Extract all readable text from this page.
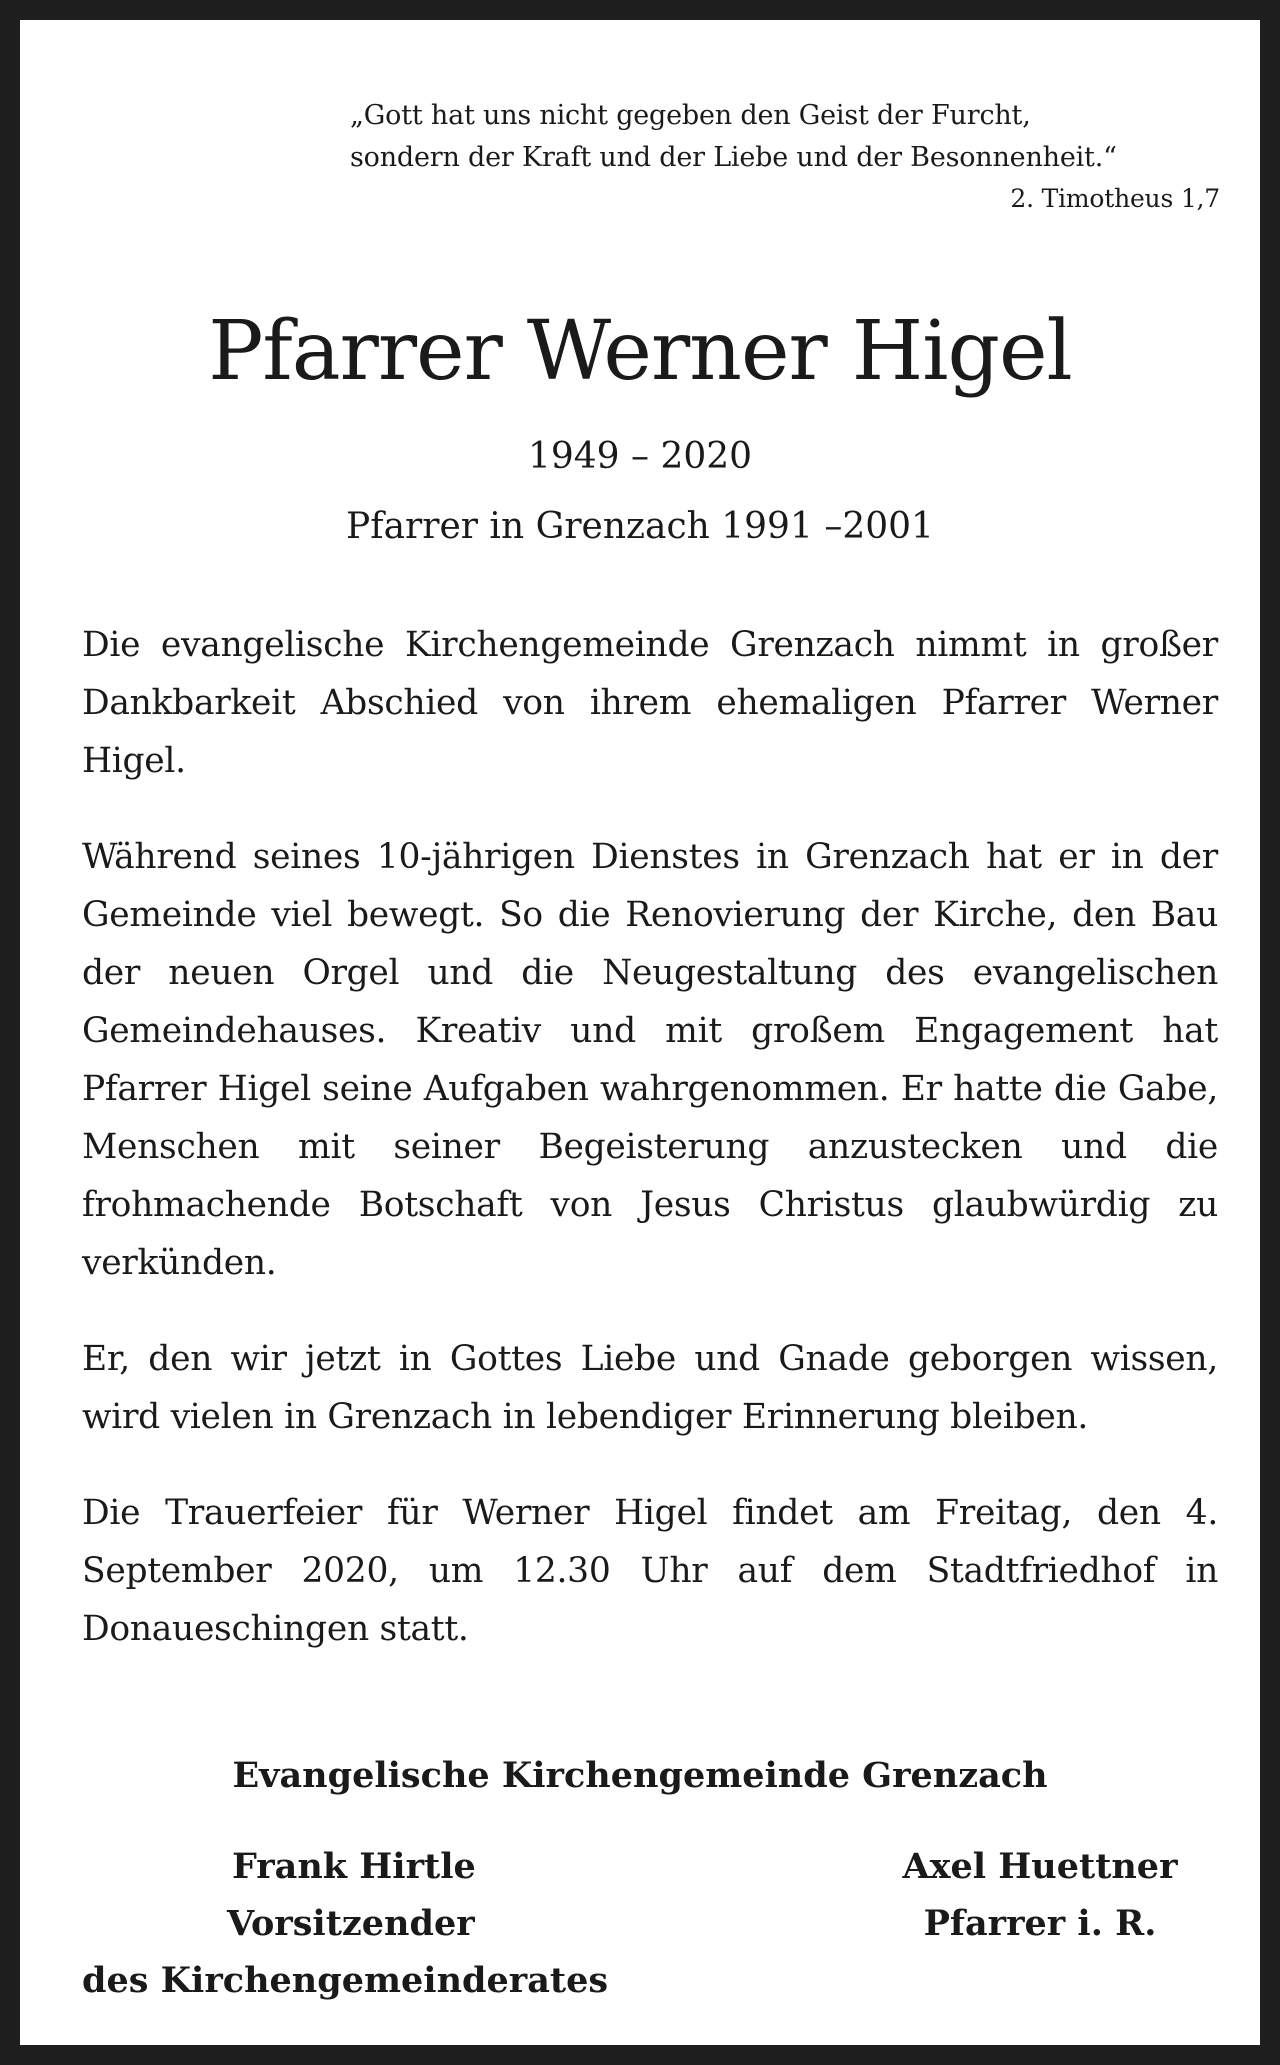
„Gott hat uns nicht gegeben den Geist der Furcht,
sondern der Kraft und der Liebe und der Besonnenheit.“
2. Timotheus 1,7
Pfarrer Werner Higel
1949 – 2020
Pfarrer in Grenzach 1991 –2001

Die evangelische Kirchengemeinde Grenzach nimmt in großer Dankbarkeit Abschied von ihrem ehemaligen Pfarrer Werner Higel.

Während seines 10-jährigen Dienstes in Grenzach hat er in der Gemeinde viel bewegt. So die Renovierung der Kirche, den Bau der neuen Orgel und die Neugestaltung des evangelischen Gemeindehauses. Kreativ und mit großem Engagement hat Pfarrer Higel seine Aufgaben wahrgenommen. Er hatte die Gabe, Menschen mit seiner Begeisterung anzustecken und die frohmachende Botschaft von Jesus Christus glaubwürdig zu verkünden.

Er, den wir jetzt in Gottes Liebe und Gnade geborgen wissen, wird vielen in Grenzach in lebendiger Erinnerung bleiben.

Die Trauerfeier für Werner Higel findet am Freitag, den 4. September 2020, um 12.30 Uhr auf dem Stadtfriedhof in Donaueschingen statt.

Evangelische Kirchengemeinde Grenzach
Frank Hirtle
Vorsitzender
des Kirchengemeinderates
Axel Huettner
Pfarrer i. R.
